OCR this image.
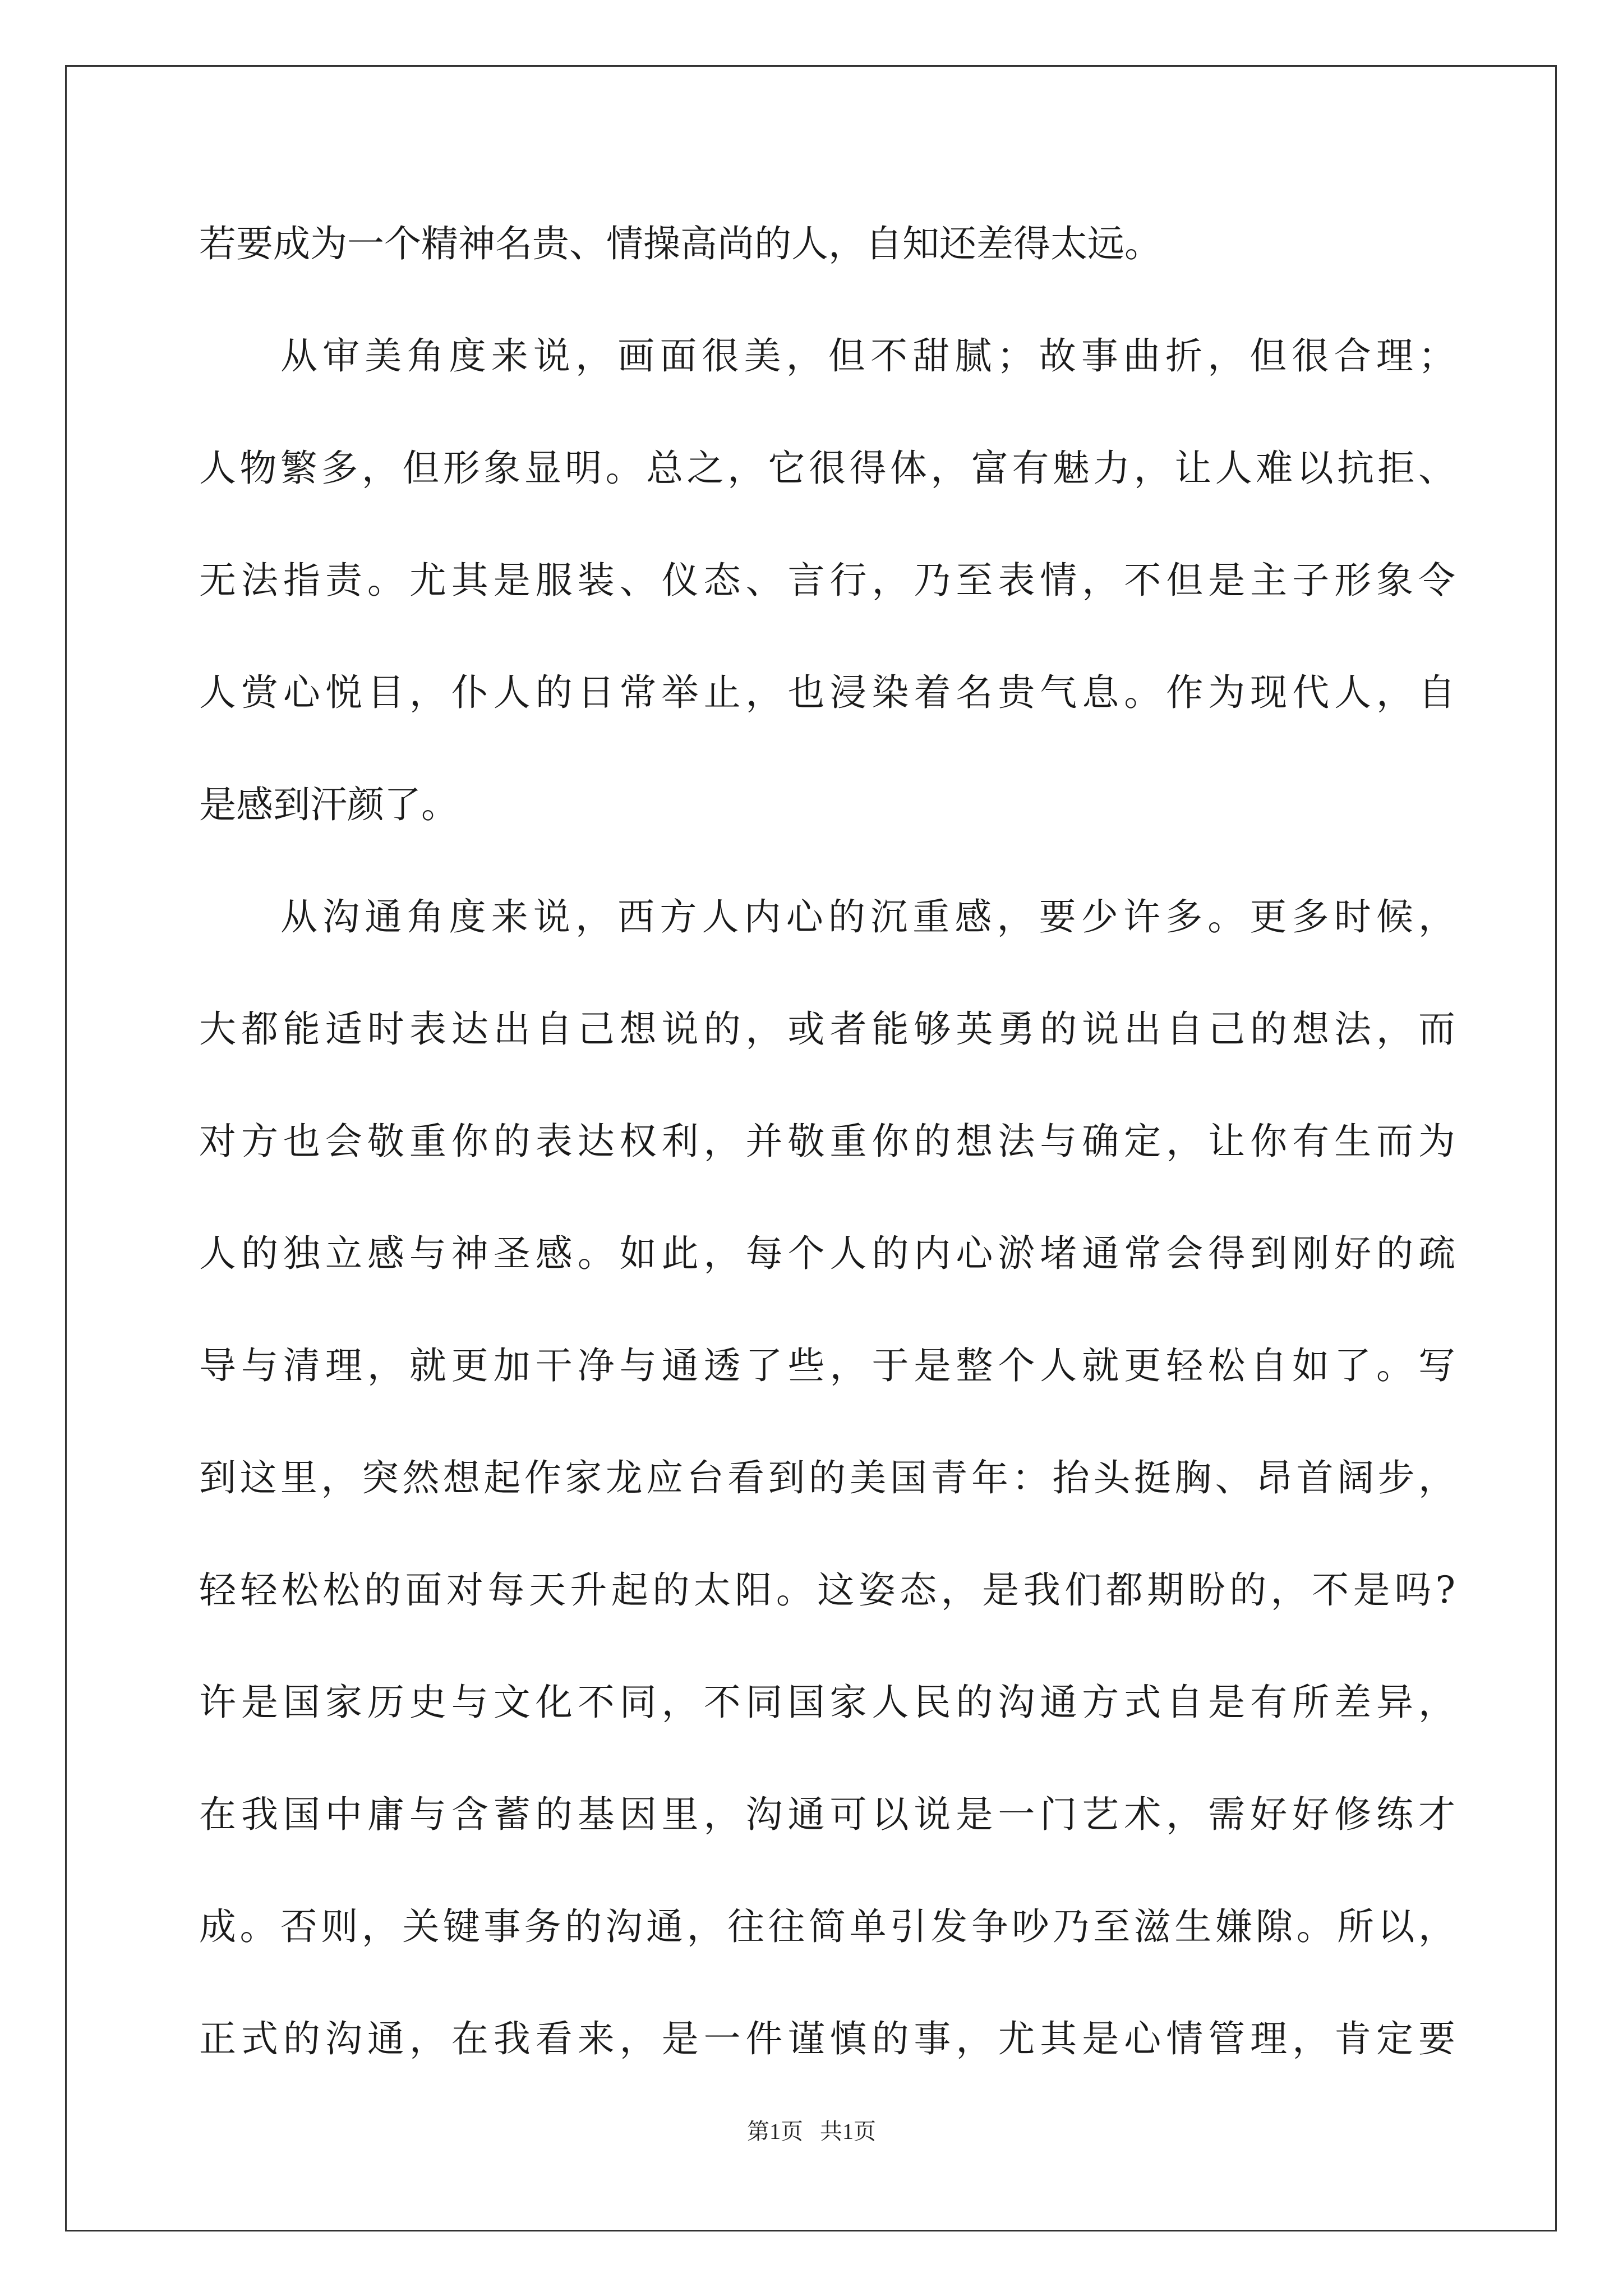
若要成为一个精神名贵、情操高尚的人，自知还差得太远。
从审美角度来说，画面很美，但不甜腻；故事曲折，但很合理；
人物繁多，但形象显明。总之，它很得体，富有魅力，让人难以抗拒、
无法指责。尤其是服装、仪态、言行，乃至表情，不但是主子形象令
人赏心悦目，仆人的日常举止，也浸染着名贵气息。作为现代人，自
是感到汗颜了。
从沟通角度来说，西方人内心的沉重感，要少许多。更多时候，
大都能适时表达出自己想说的，或者能够英勇的说出自己的想法，而
对方也会敬重你的表达权利，并敬重你的想法与确定，让你有生而为
人的独立感与神圣感。如此，每个人的内心淤堵通常会得到刚好的疏
导与清理，就更加干净与通透了些，于是整个人就更轻松自如了。写
到这里，突然想起作家龙应台看到的美国青年：抬头挺胸、昂首阔步，
轻轻松松的面对每天升起的太阳。这姿态，是我们都期盼的，不是吗?
许是国家历史与文化不同，不同国家人民的沟通方式自是有所差异，
在我国中庸与含蓄的基因里，沟通可以说是一门艺术，需好好修练才
成。否则，关键事务的沟通，往往简单引发争吵乃至滋生嫌隙。所以，
正式的沟通，在我看来，是一件谨慎的事，尤其是心情管理，肯定要
第1页   共1页
